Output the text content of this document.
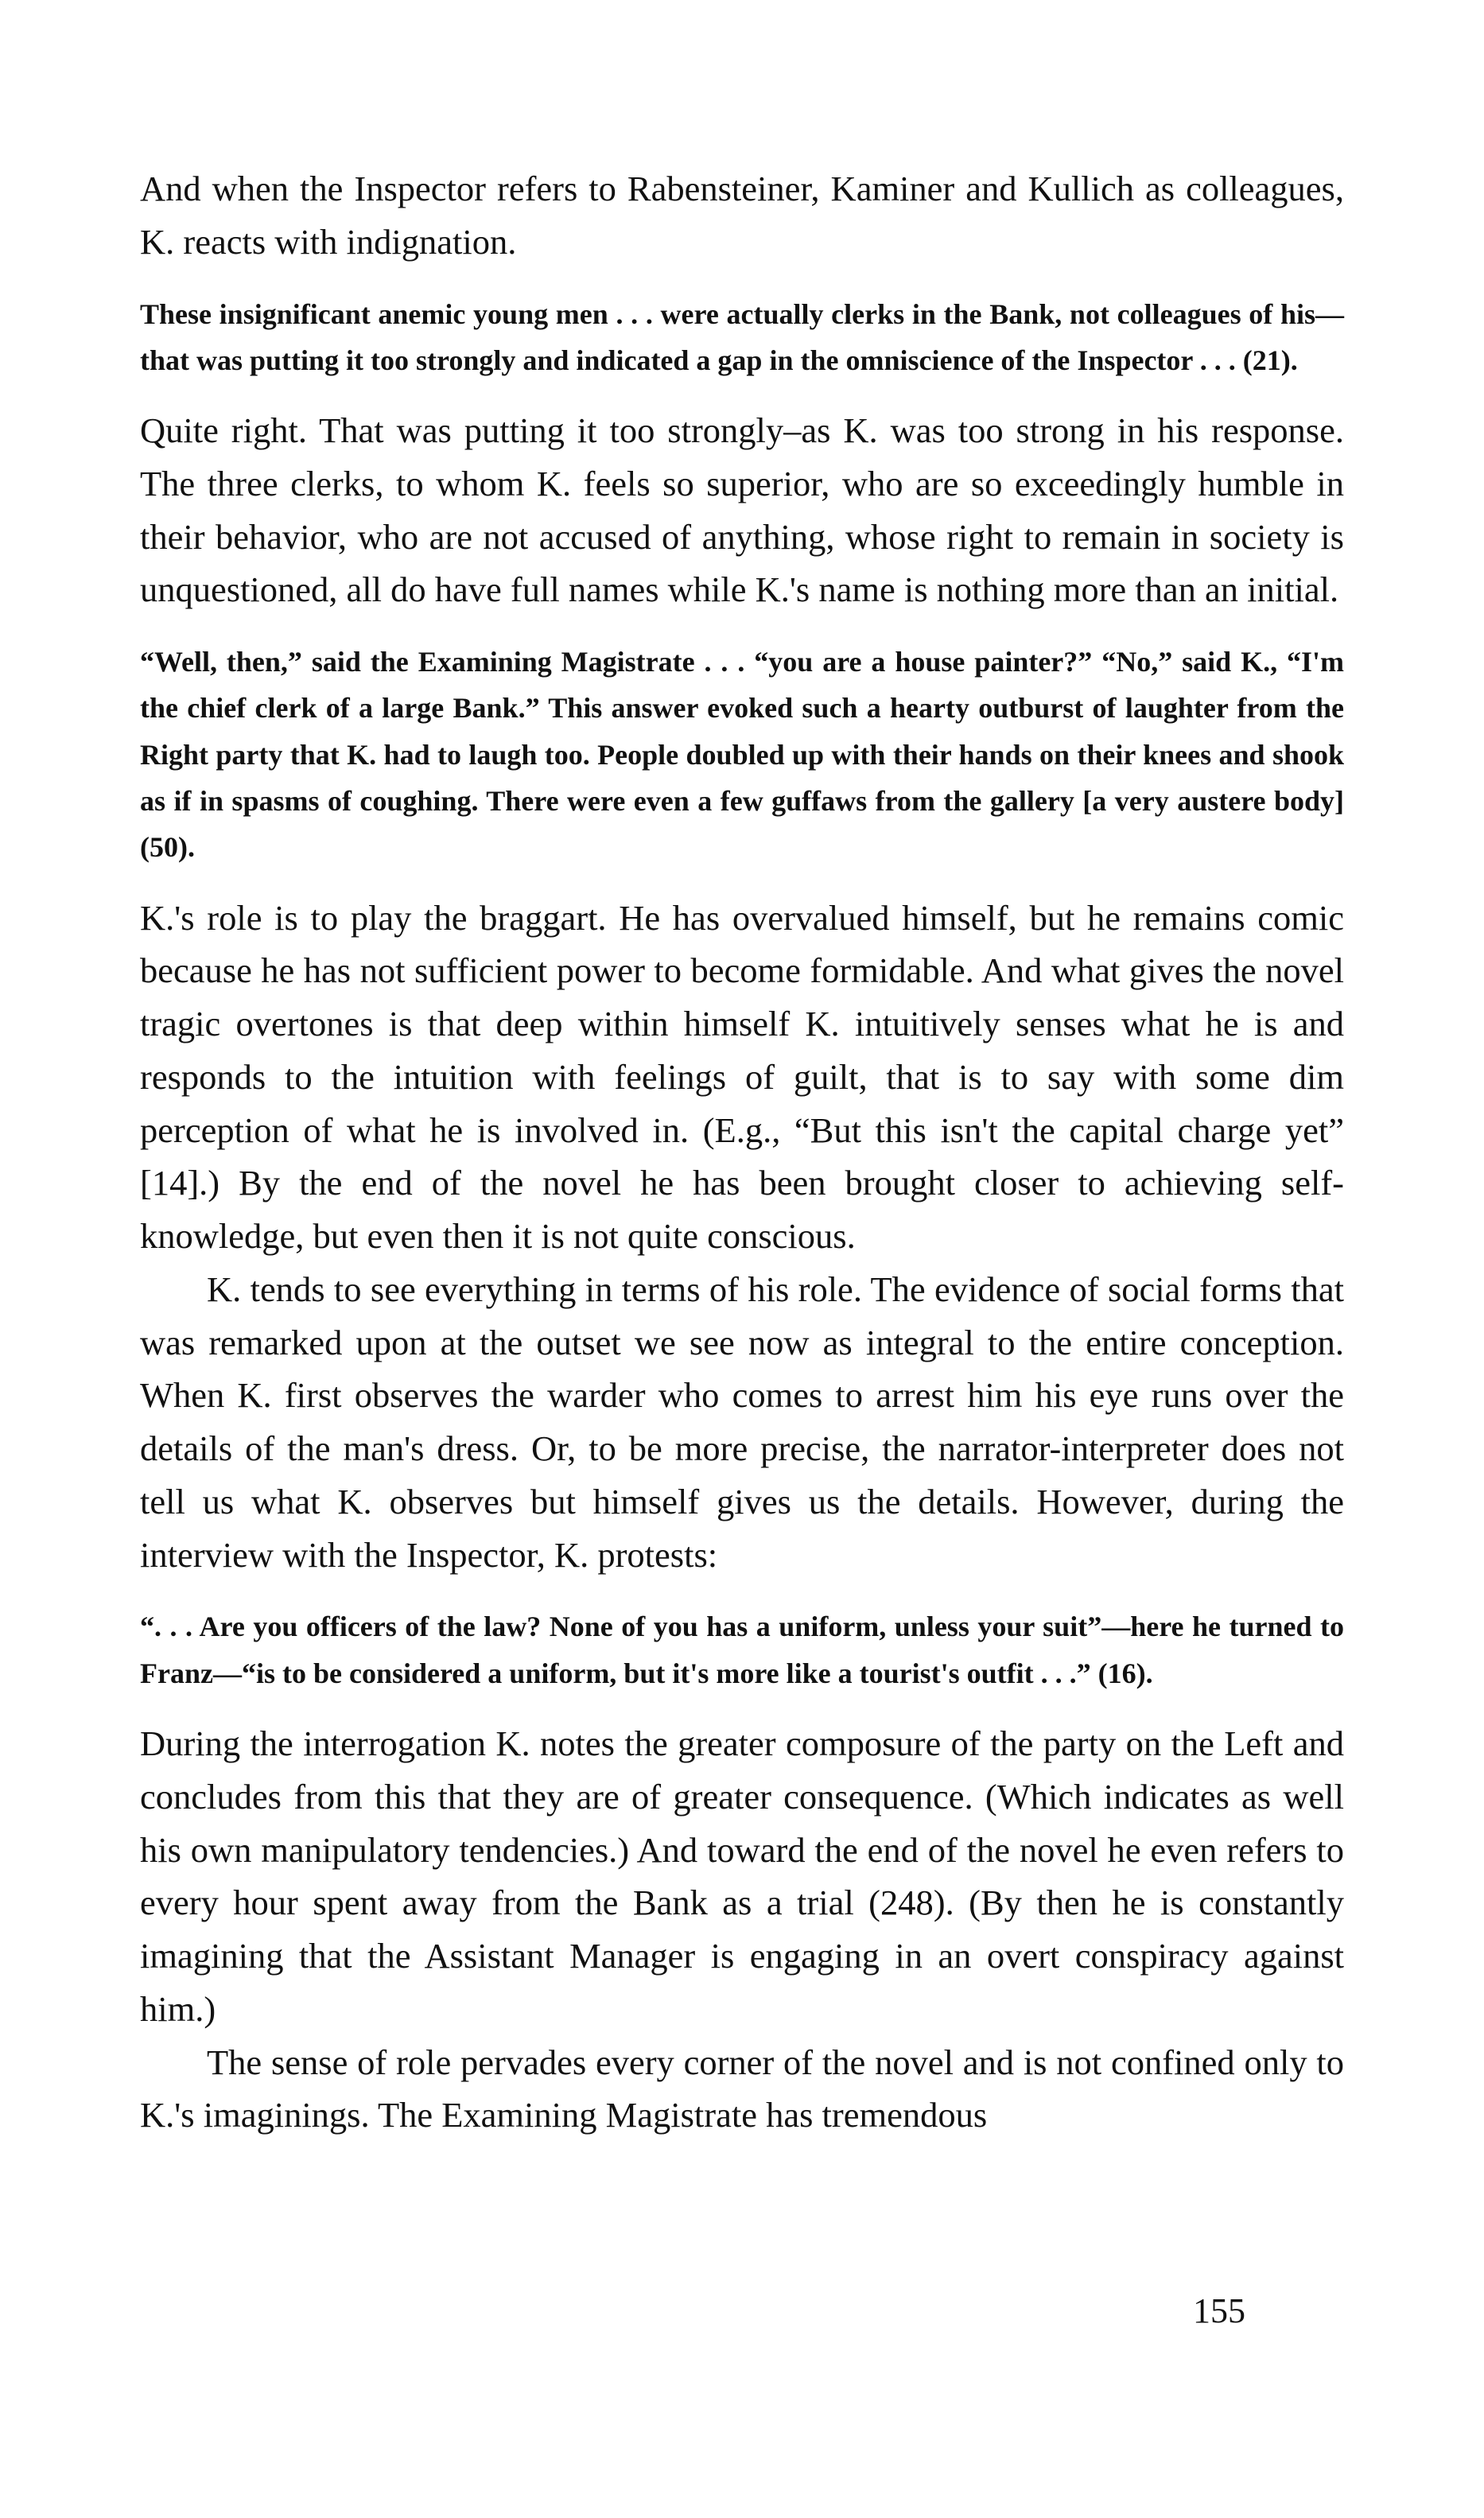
And when the Inspector refers to Rabensteiner, Kaminer and Kullich as colleagues, K. reacts with indignation.

These insignificant anemic young men . . . were actually clerks in the Bank, not colleagues of his—that was putting it too strongly and indicated a gap in the omniscience of the Inspector . . . (21).

Quite right. That was putting it too strongly–as K. was too strong in his response. The three clerks, to whom K. feels so superior, who are so exceedingly humble in their behavior, who are not accused of anything, whose right to remain in society is unquestioned, all do have full names while K.'s name is nothing more than an initial.

“Well, then,” said the Examining Magistrate . . . “you are a house painter?” “No,” said K., “I'm the chief clerk of a large Bank.” This answer evoked such a hearty outburst of laughter from the Right party that K. had to laugh too. People doubled up with their hands on their knees and shook as if in spasms of coughing. There were even a few guffaws from the gallery [a very austere body] (50).

K.'s role is to play the braggart. He has overvalued himself, but he remains comic because he has not sufficient power to become formidable. And what gives the novel tragic overtones is that deep within himself K. intuitively senses what he is and responds to the intuition with feelings of guilt, that is to say with some dim perception of what he is involved in. (E.g., “But this isn't the capital charge yet” [14].) By the end of the novel he has been brought closer to achieving self-knowledge, but even then it is not quite conscious.

K. tends to see everything in terms of his role. The evidence of social forms that was remarked upon at the outset we see now as integral to the entire conception. When K. first observes the warder who comes to arrest him his eye runs over the details of the man's dress. Or, to be more precise, the narrator-interpreter does not tell us what K. observes but himself gives us the details. However, during the interview with the Inspector, K. protests:

“. . . Are you officers of the law? None of you has a uniform, unless your suit”—here he turned to Franz—“is to be considered a uniform, but it's more like a tourist's outfit . . .” (16).

During the interrogation K. notes the greater composure of the party on the Left and concludes from this that they are of greater consequence. (Which indicates as well his own manipulatory tendencies.) And toward the end of the novel he even refers to every hour spent away from the Bank as a trial (248). (By then he is constantly imagining that the Assistant Manager is engaging in an overt conspiracy against him.)

The sense of role pervades every corner of the novel and is not confined only to K.'s imaginings. The Examining Magistrate has tremendous

155
